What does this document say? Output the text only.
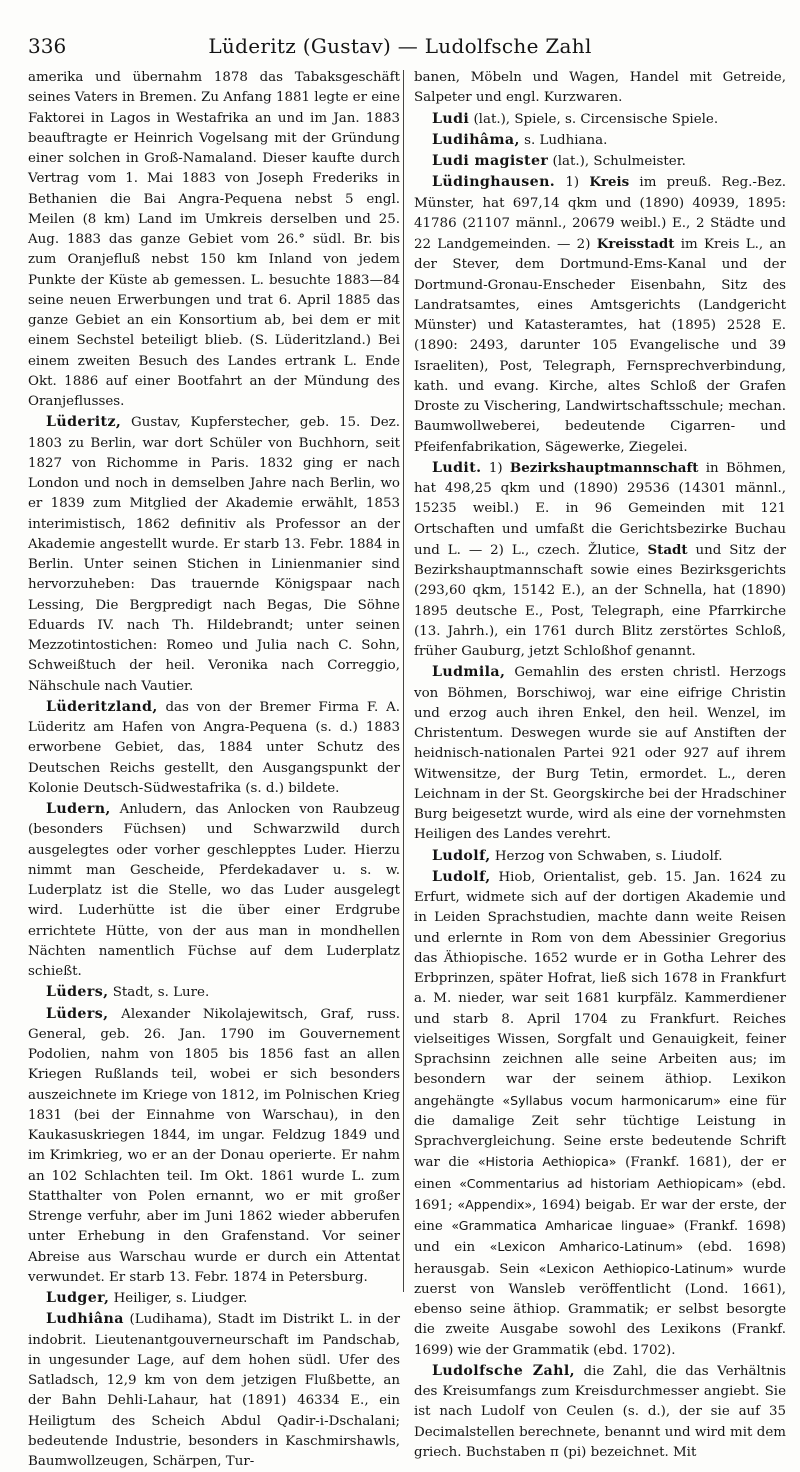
336	Lüderitz (Gustav) — Ludolfsche Zahl

amerika und übernahm 1878 das Tabaksgeschäft seines Vaters in Bremen. Zu Anfang 1881 legte er eine Faktorei in Lagos in Westafrika an und im Jan. 1883 beauftragte er Heinrich Vogelsang mit der Gründung einer solchen in Groß-Namaland. Dieser kaufte durch Vertrag vom 1. Mai 1883 von Joseph Frederiks in Bethanien die Bai Angra-Pequena nebst 5 engl. Meilen (8 km) Land im Umkreis derselben und 25. Aug. 1883 das ganze Gebiet vom 26.° südl. Br. bis zum Oranjefluß nebst 150 km Inland von jedem Punkte der Küste ab gemessen. L. besuchte 1883—84 seine neuen Erwerbungen und trat 6. April 1885 das ganze Gebiet an ein Konsortium ab, bei dem er mit einem Sechstel beteiligt blieb. (S. Lüderitzland.) Bei einem zweiten Besuch des Landes ertrank L. Ende Okt. 1886 auf einer Bootfahrt an der Mündung des Oranjeflusses.

Lüderitz, Gustav, Kupferstecher, geb. 15. Dez. 1803 zu Berlin, war dort Schüler von Buchhorn, seit 1827 von Richomme in Paris. 1832 ging er nach London und noch in demselben Jahre nach Berlin, wo er 1839 zum Mitglied der Akademie erwählt, 1853 interimistisch, 1862 definitiv als Professor an der Akademie angestellt wurde. Er starb 13. Febr. 1884 in Berlin. Unter seinen Stichen in Linienmanier sind hervorzuheben: Das trauernde Königspaar nach Lessing, Die Bergpredigt nach Begas, Die Söhne Eduards IV. nach Th. Hildebrandt; unter seinen Mezzotintostichen: Romeo und Julia nach C. Sohn, Schweißtuch der heil. Veronika nach Correggio, Nähschule nach Vautier.

Lüderitzland, das von der Bremer Firma F. A. Lüderitz am Hafen von Angra-Pequena (s. d.) 1883 erworbene Gebiet, das, 1884 unter Schutz des Deutschen Reichs gestellt, den Ausgangspunkt der Kolonie Deutsch-Südwestafrika (s. d.) bildete.

Ludern, Anludern, das Anlocken von Raubzeug (besonders Füchsen) und Schwarzwild durch ausgelegtes oder vorher geschlepptes Luder. Hierzu nimmt man Gescheide, Pferdekadaver u. s. w. Luderplatz ist die Stelle, wo das Luder ausgelegt wird. Luderhütte ist die über einer Erdgrube errichtete Hütte, von der aus man in mondhellen Nächten namentlich Füchse auf dem Luderplatz schießt.

Lüders, Stadt, s. Lure.

Lüders, Alexander Nikolajewitsch, Graf, russ. General, geb. 26. Jan. 1790 im Gouvernement Podolien, nahm von 1805 bis 1856 fast an allen Kriegen Rußlands teil, wobei er sich besonders auszeichnete im Kriege von 1812, im Polnischen Krieg 1831 (bei der Einnahme von Warschau), in den Kaukasuskriegen 1844, im ungar. Feldzug 1849 und im Krimkrieg, wo er an der Donau operierte. Er nahm an 102 Schlachten teil. Im Okt. 1861 wurde L. zum Statthalter von Polen ernannt, wo er mit großer Strenge verfuhr, aber im Juni 1862 wieder abberufen unter Erhebung in den Grafenstand. Vor seiner Abreise aus Warschau wurde er durch ein Attentat verwundet. Er starb 13. Febr. 1874 in Petersburg.

Ludger, Heiliger, s. Liudger.

Ludhiâna (Ludihama), Stadt im Distrikt L. in der indobrit. Lieutenantgouverneurschaft im Pandschab, in ungesunder Lage, auf dem hohen südl. Ufer des Satladsch, 12,9 km von dem jetzigen Flußbette, an der Bahn Dehli-Lahaur, hat (1891) 46334 E., ein Heiligtum des Scheich Abdul Qadir-i-Dschalani; bedeutende Industrie, besonders in Kaschmirshawls, Baumwollzeugen, Schärpen, Tur-

banen, Möbeln und Wagen, Handel mit Getreide, Salpeter und engl. Kurzwaren.

Ludi (lat.), Spiele, s. Circensische Spiele.

Ludihâma, s. Ludhiana.

Ludi magister (lat.), Schulmeister.

Lüdinghausen. 1) Kreis im preuß. Reg.-Bez. Münster, hat 697,14 qkm und (1890) 40939, 1895: 41786 (21107 männl., 20679 weibl.) E., 2 Städte und 22 Landgemeinden. — 2) Kreisstadt im Kreis L., an der Stever, dem Dortmund-Ems-Kanal und der Dortmund-Gronau-Enscheder Eisenbahn, Sitz des Landratsamtes, eines Amtsgerichts (Landgericht Münster) und Katasteramtes, hat (1895) 2528 E. (1890: 2493, darunter 105 Evangelische und 39 Israeliten), Post, Telegraph, Fernsprechverbindung, kath. und evang. Kirche, altes Schloß der Grafen Droste zu Vischering, Landwirtschaftsschule; mechan. Baumwollweberei, bedeutende Cigarren- und Pfeifenfabrikation, Sägewerke, Ziegelei.

Ludit. 1) Bezirkshauptmannschaft in Böhmen, hat 498,25 qkm und (1890) 29536 (14301 männl., 15235 weibl.) E. in 96 Gemeinden mit 121 Ortschaften und umfaßt die Gerichtsbezirke Buchau und L. — 2) L., czech. Žlutice, Stadt und Sitz der Bezirkshauptmannschaft sowie eines Bezirksgerichts (293,60 qkm, 15142 E.), an der Schnella, hat (1890) 1895 deutsche E., Post, Telegraph, eine Pfarrkirche (13. Jahrh.), ein 1761 durch Blitz zerstörtes Schloß, früher Gauburg, jetzt Schloßhof genannt.

Ludmila, Gemahlin des ersten christl. Herzogs von Böhmen, Borschiwoj, war eine eifrige Christin und erzog auch ihren Enkel, den heil. Wenzel, im Christentum. Deswegen wurde sie auf Anstiften der heidnisch-nationalen Partei 921 oder 927 auf ihrem Witwensitze, der Burg Tetin, ermordet. L., deren Leichnam in der St. Georgskirche bei der Hradschiner Burg beigesetzt wurde, wird als eine der vornehmsten Heiligen des Landes verehrt.

Ludolf, Herzog von Schwaben, s. Liudolf.

Ludolf, Hiob, Orientalist, geb. 15. Jan. 1624 zu Erfurt, widmete sich auf der dortigen Akademie und in Leiden Sprachstudien, machte dann weite Reisen und erlernte in Rom von dem Abessinier Gregorius das Äthiopische. 1652 wurde er in Gotha Lehrer des Erbprinzen, später Hofrat, ließ sich 1678 in Frankfurt a. M. nieder, war seit 1681 kurpfälz. Kammerdiener und starb 8. April 1704 zu Frankfurt. Reiches vielseitiges Wissen, Sorgfalt und Genauigkeit, feiner Sprachsinn zeichnen alle seine Arbeiten aus; im besondern war der seinem äthiop. Lexikon angehängte «Syllabus vocum harmonicarum» eine für die damalige Zeit sehr tüchtige Leistung in Sprachvergleichung. Seine erste bedeutende Schrift war die «Historia Aethiopica» (Frankf. 1681), der er einen «Commentarius ad historiam Aethiopicam» (ebd. 1691; «Appendix», 1694) beigab. Er war der erste, der eine «Grammatica Amharicae linguae» (Frankf. 1698) und ein «Lexicon Amharico-Latinum» (ebd. 1698) herausgab. Sein «Lexicon Aethiopico-Latinum» wurde zuerst von Wansleb veröffentlicht (Lond. 1661), ebenso seine äthiop. Grammatik; er selbst besorgte die zweite Ausgabe sowohl des Lexikons (Frankf. 1699) wie der Grammatik (ebd. 1702).

Ludolfsche Zahl, die Zahl, die das Verhältnis des Kreisumfangs zum Kreisdurchmesser angiebt. Sie ist nach Ludolf von Ceulen (s. d.), der sie auf 35 Decimalstellen berechnete, benannt und wird mit dem griech. Buchstaben π (pi) bezeichnet. Mit
